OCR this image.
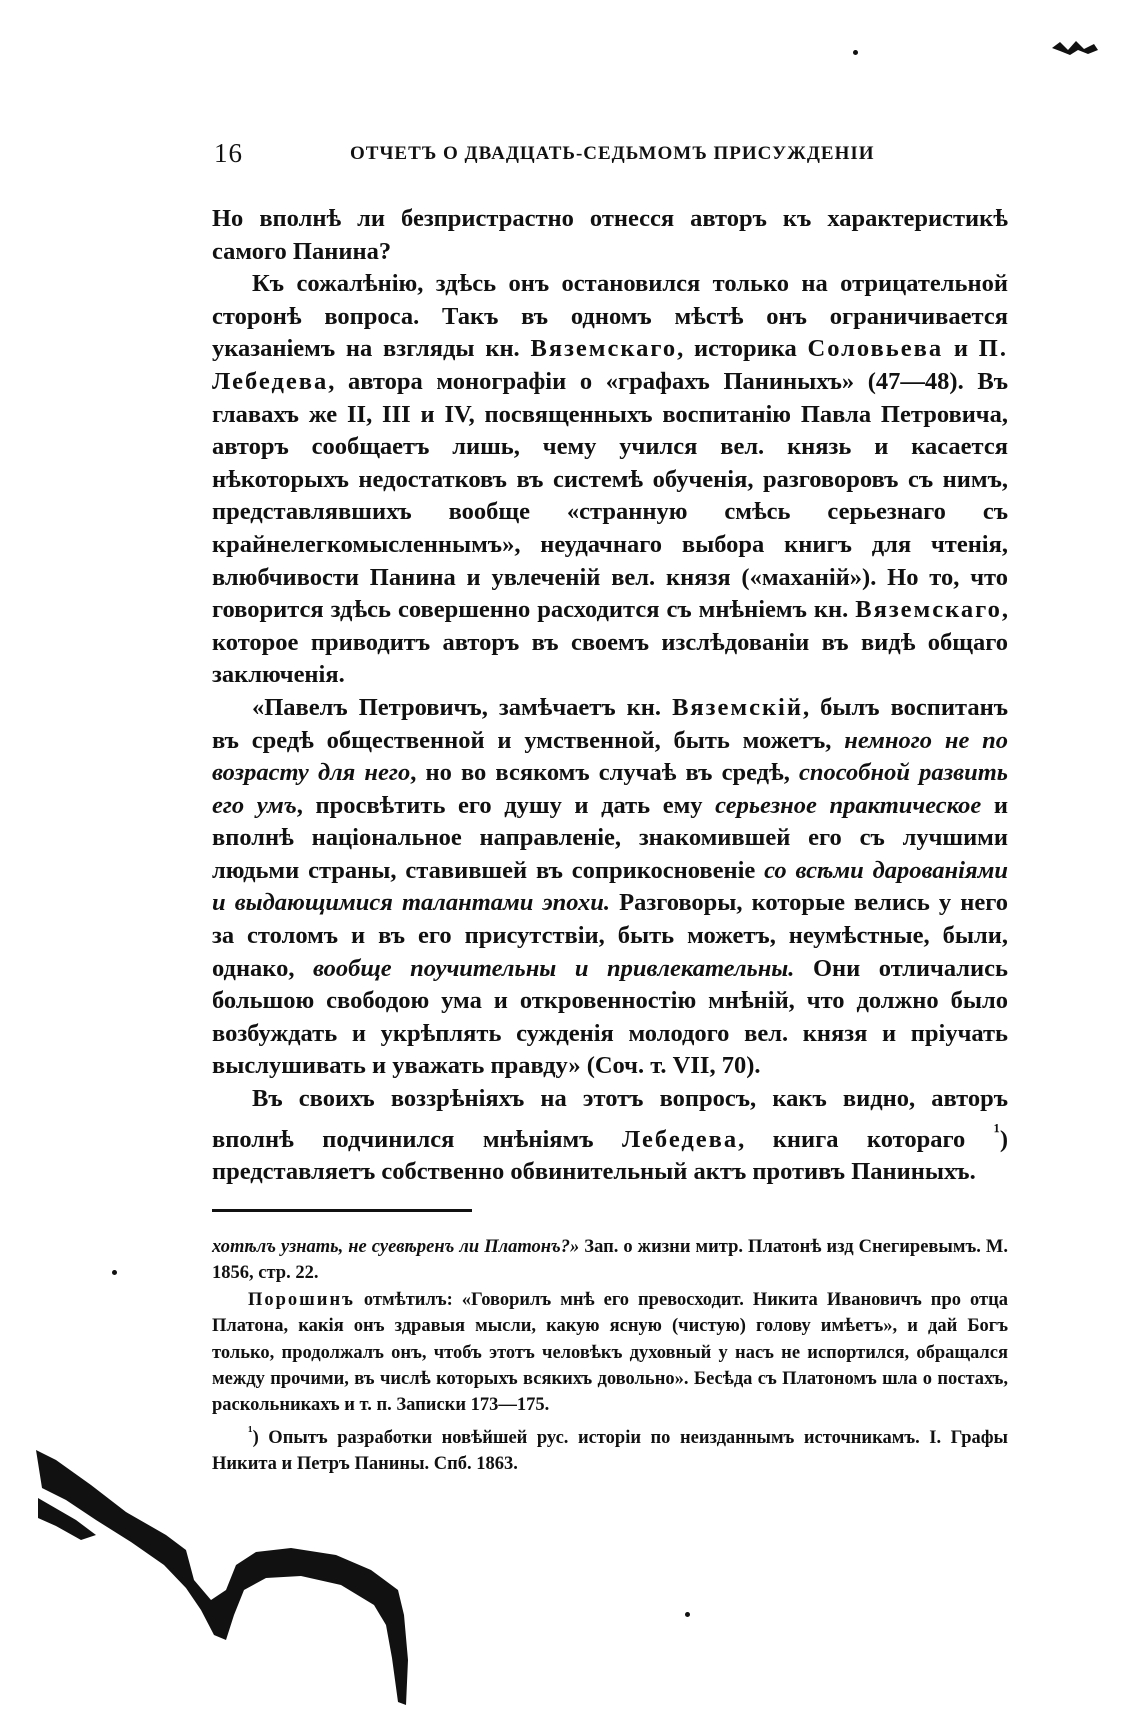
16	ОТЧЕТЪ О ДВАДЦАТЬ-СЕДЬМОМЪ ПРИСУЖДЕНІИ

Но вполнѣ ли безпристрастно отнесся авторъ къ характеристикѣ самого Панина?

Къ сожалѣнію, здѣсь онъ остановился только на отрицательной сторонѣ вопроса. Такъ въ одномъ мѣстѣ онъ ограничивается указаніемъ на взгляды кн. Вяземскаго, историка Соловьева и П. Лебедева, автора монографіи о «графахъ Паниныхъ» (47—48). Въ главахъ же II, III и IV, посвященныхъ воспитанію Павла Петровича, авторъ сообщаетъ лишь, чему учился вел. князь и касается нѣкоторыхъ недостатковъ въ системѣ обученія, разговоровъ съ нимъ, представлявшихъ вообще «странную смѣсь серьезнаго съ крайнелегкомысленнымъ», неудачнаго выбора книгъ для чтенія, влюбчивости Панина и увлеченій вел. князя («маханій»). Но то, что говорится здѣсь совершенно расходится съ мнѣніемъ кн. Вяземскаго, которое приводитъ авторъ въ своемъ изслѣдованіи въ видѣ общаго заключенія.

«Павелъ Петровичъ, замѣчаетъ кн. Вяземскій, былъ воспитанъ въ средѣ общественной и умственной, быть можетъ, немного не по возрасту для него, но во всякомъ случаѣ въ средѣ, способной развить его умъ, просвѣтить его душу и дать ему серьезное практическое и вполнѣ національное направленіе, знакомившей его съ лучшими людьми страны, ставившей въ соприкосновеніе со всѣми дарованіями и выдающимися талантами эпохи. Разговоры, которые велись у него за столомъ и въ его присутствіи, быть можетъ, неумѣстные, были, однако, вообще поучительны и привлекательны. Они отличались большою свободою ума и откровенностію мнѣній, что должно было возбуждать и укрѣплять сужденія молодого вел. князя и пріучать выслушивать и уважать правду» (Соч. т. VII, 70).

Въ своихъ воззрѣніяхъ на этотъ вопросъ, какъ видно, авторъ вполнѣ подчинился мнѣніямъ Лебедева, книга котораго $^{^1}$) представляетъ собственно обвинительный актъ противъ Паниныхъ.

хотѣлъ узнать, не суевѣренъ ли Платонъ?» Зап. о жизни митр. Платонѣ изд Снегиревымъ. М. 1856, стр. 22.

Порошинъ отмѣтилъ: «Говорилъ мнѣ его превосходит. Никита Ивановичъ про отца Платона, какія онъ здравыя мысли, какую ясную (чистую) голову имѣетъ», и дай Богъ только, продолжалъ онъ, чтобъ этотъ человѣкъ духовный у насъ не испортился, обращался между прочими, въ числѣ которыхъ всякихъ довольно». Бесѣда съ Платономъ шла о постахъ, раскольникахъ и т. п. Записки 173—175.

$^{^1}$) Опытъ разработки новѣйшей рус. исторіи по неизданнымъ источникамъ. I. Графы Никита и Петръ Панины. Спб. 1863.
